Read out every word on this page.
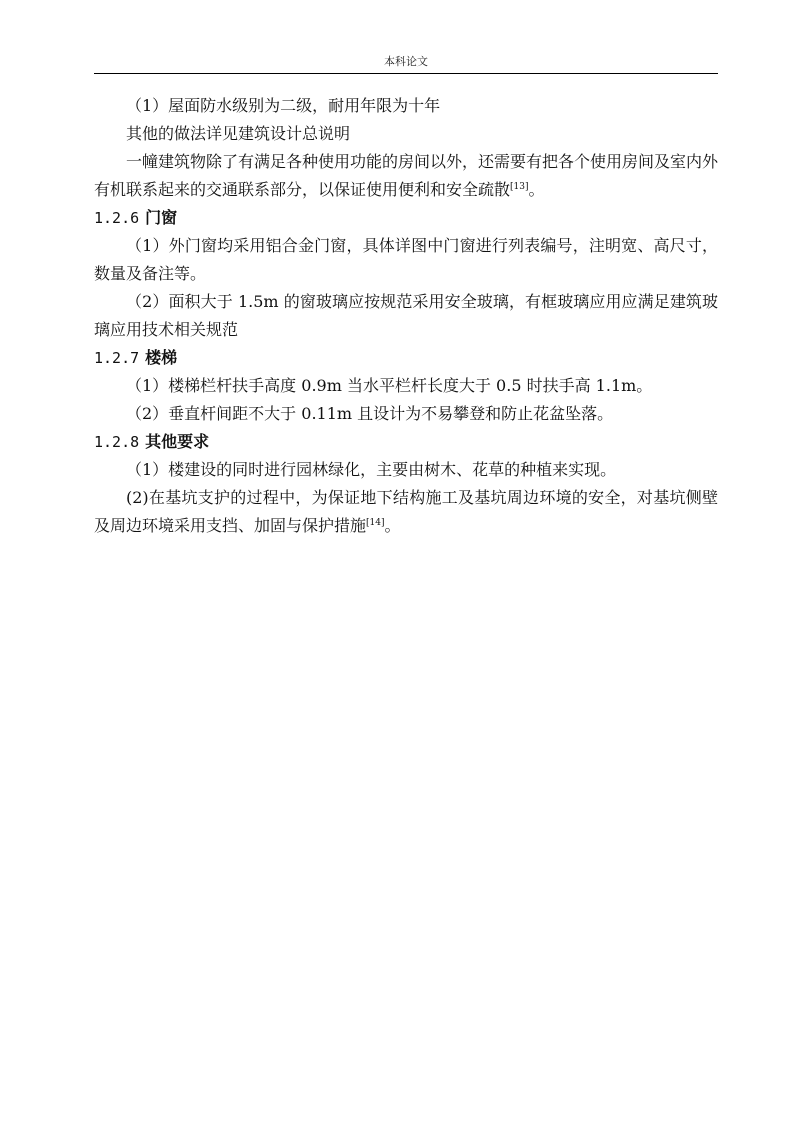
本科论文

（1）屋面防水级别为二级，耐用年限为十年

其他的做法详见建筑设计总说明

一幢建筑物除了有满足各种使用功能的房间以外，还需要有把各个使用房间及室内外有机联系起来的交通联系部分，以保证使用便利和安全疏散[13]。

1.2.6 门窗

（1）外门窗均采用铝合金门窗，具体详图中门窗进行列表编号，注明宽、高尺寸，数量及备注等。

（2）面积大于 1.5m 的窗玻璃应按规范采用安全玻璃，有框玻璃应用应满足建筑玻璃应用技术相关规范

1.2.7 楼梯

（1）楼梯栏杆扶手高度 0.9m 当水平栏杆长度大于 0.5 时扶手高 1.1m。

（2）垂直杆间距不大于 0.11m 且设计为不易攀登和防止花盆坠落。

1.2.8 其他要求

（1）楼建设的同时进行园林绿化，主要由树木、花草的种植来实现。

(2)在基坑支护的过程中，为保证地下结构施工及基坑周边环境的安全，对基坑侧壁及周边环境采用支挡、加固与保护措施[14]。
